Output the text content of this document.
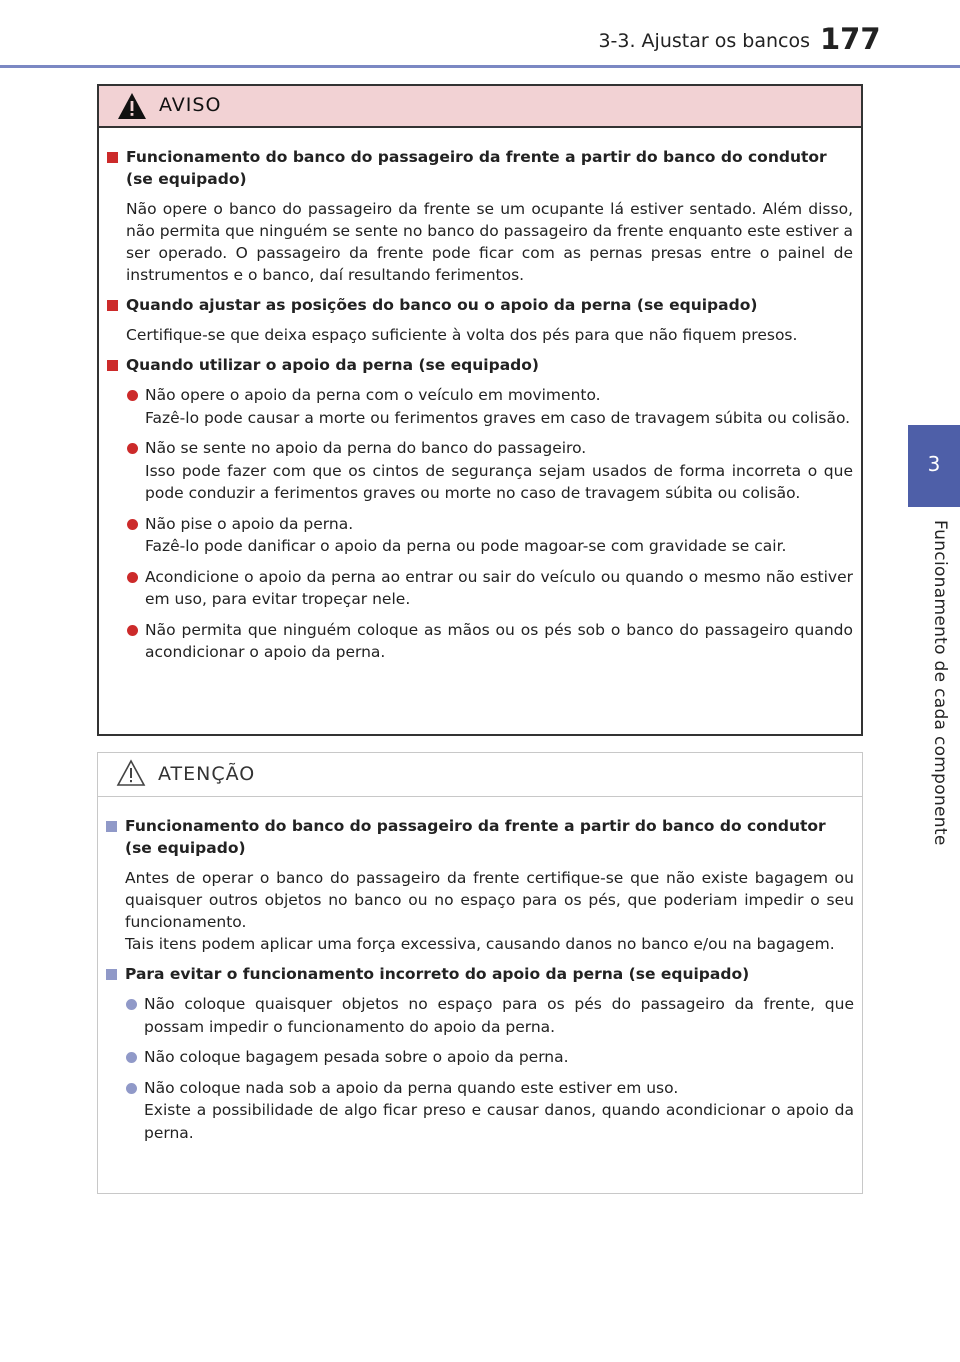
3-3. Ajustar os bancos 177
3
Funcionamento de cada componente
AVISO
Funcionamento do banco do passageiro da frente a partir do banco do condutor (se equipado)
Não opere o banco do passageiro da frente se um ocupante lá estiver sentado. Além disso, não permita que ninguém se sente no banco do passageiro da frente enquanto este estiver a ser operado. O passageiro da frente pode ficar com as pernas presas entre o painel de instrumentos e o banco, daí resultando ferimentos.
Quando ajustar as posições do banco ou o apoio da perna (se equipado)
Certifique-se que deixa espaço suficiente à volta dos pés para que não fiquem presos.
Quando utilizar o apoio da perna (se equipado)
Não opere o apoio da perna com o veículo em movimento.
Fazê-lo pode causar a morte ou ferimentos graves em caso de travagem súbita ou colisão.
Não se sente no apoio da perna do banco do passageiro.
Isso pode fazer com que os cintos de segurança sejam usados de forma incorreta o que pode conduzir a ferimentos graves ou morte no caso de travagem súbita ou colisão.
Não pise o apoio da perna.
Fazê-lo pode danificar o apoio da perna ou pode magoar-se com gravidade se cair.
Acondicione o apoio da perna ao entrar ou sair do veículo ou quando o mesmo não estiver em uso, para evitar tropeçar nele.
Não permita que ninguém coloque as mãos ou os pés sob o banco do passageiro quando acondicionar o apoio da perna.
ATENÇÃO
Funcionamento do banco do passageiro da frente a partir do banco do condutor (se equipado)

Antes de operar o banco do passageiro da frente certifique-se que não existe bagagem ou quaisquer outros objetos no banco ou no espaço para os pés, que poderiam impedir o seu funcionamento.

Tais itens podem aplicar uma força excessiva, causando danos no banco e/ou na bagagem.

Para evitar o funcionamento incorreto do apoio da perna (se equipado)
Não coloque quaisquer objetos no espaço para os pés do passageiro da frente, que possam impedir o funcionamento do apoio da perna.
Não coloque bagagem pesada sobre o apoio da perna.
Não coloque nada sob a apoio da perna quando este estiver em uso.
Existe a possibilidade de algo ficar preso e causar danos, quando acondicionar o apoio da perna.
